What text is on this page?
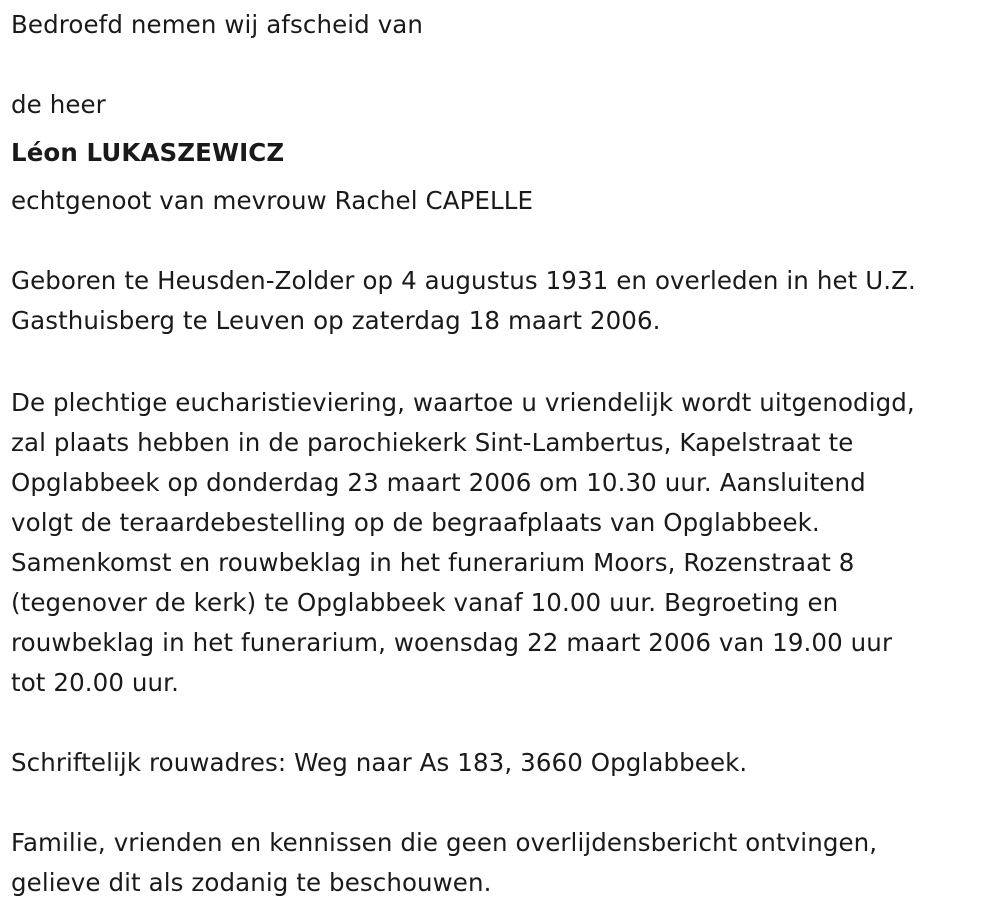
Bedroefd nemen wij afscheid van
de heer
Léon LUKASZEWICZ
echtgenoot van mevrouw Rachel CAPELLE
Geboren te Heusden-Zolder op 4 augustus 1931 en overleden in het U.Z.
Gasthuisberg te Leuven op zaterdag 18 maart 2006.
De plechtige eucharistieviering, waartoe u vriendelijk wordt uitgenodigd,
zal plaats hebben in de parochiekerk Sint-Lambertus, Kapelstraat te
Opglabbeek op donderdag 23 maart 2006 om 10.30 uur. Aansluitend
volgt de teraardebestelling op de begraafplaats van Opglabbeek.
Samenkomst en rouwbeklag in het funerarium Moors, Rozenstraat 8
(tegenover de kerk) te Opglabbeek vanaf 10.00 uur. Begroeting en
rouwbeklag in het funerarium, woensdag 22 maart 2006 van 19.00 uur
tot 20.00 uur.
Schriftelijk rouwadres: Weg naar As 183, 3660 Opglabbeek.
Familie, vrienden en kennissen die geen overlijdensbericht ontvingen,
gelieve dit als zodanig te beschouwen.
